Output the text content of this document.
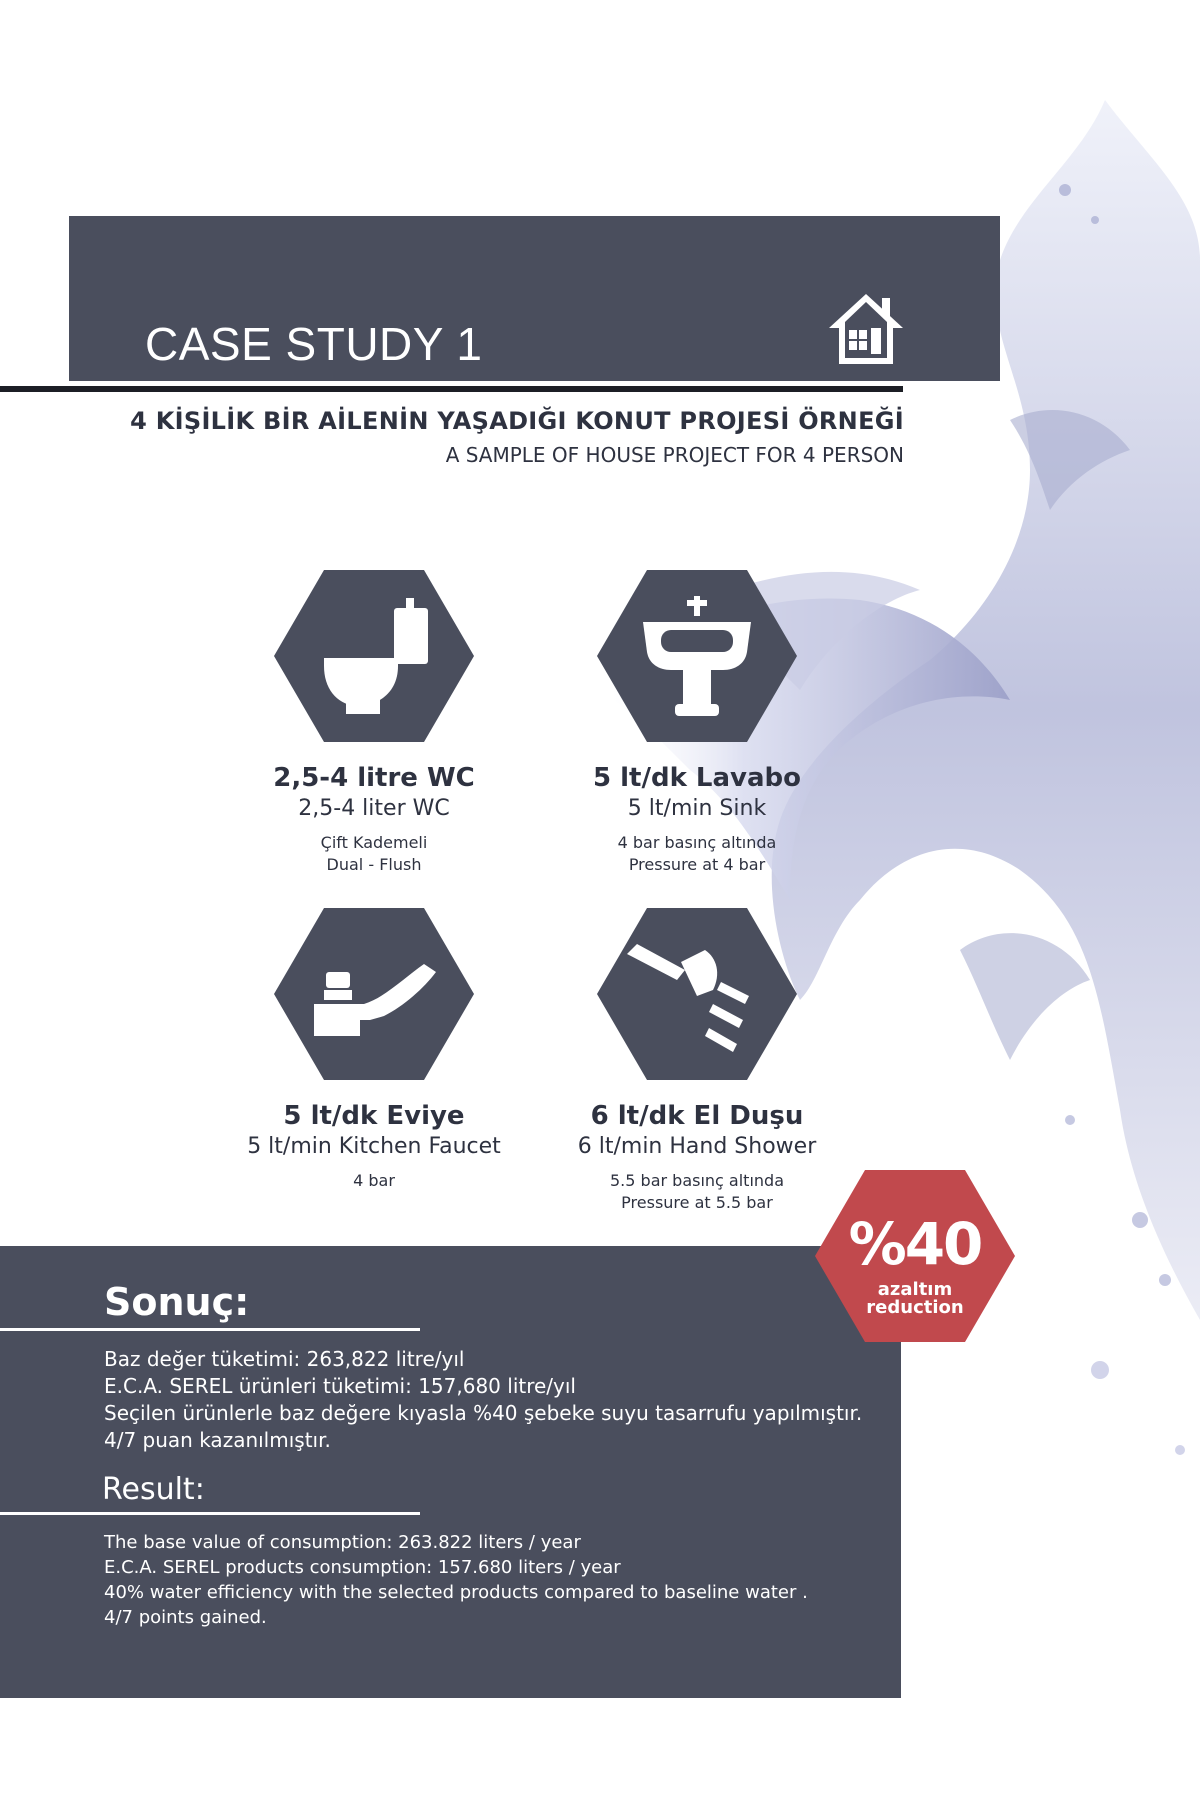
CASE STUDY 1
4 KİŞİLİK BİR AİLENİN YAŞADIĞI KONUT PROJESİ ÖRNEĞİ
A SAMPLE OF HOUSE PROJECT FOR 4 PERSON
2,5-4 litre WC
2,5-4 liter WC
Çift Kademeli
Dual - Flush
5 lt/dk Lavabo
5 lt/min Sink
4 bar basınç altında
Pressure at 4 bar
5 lt/dk Eviye
5 lt/min Kitchen Faucet
4 bar
6 lt/dk El Duşu
6 lt/min Hand Shower
5.5 bar basınç altında
Pressure at 5.5 bar
Sonuç:
Baz değer tüketimi: 263,822 litre/yıl
E.C.A. SEREL ürünleri tüketimi: 157,680 litre/yıl
Seçilen ürünlerle baz değere kıyasla %40 şebeke suyu tasarrufu yapılmıştır.
4/7 puan kazanılmıştır.
Result:
The base value of consumption: 263.822 liters / year
E.C.A. SEREL products consumption: 157.680 liters / year
40% water efficiency with the selected products compared to baseline water .
4/7 points gained.
%40
azaltım
reduction
